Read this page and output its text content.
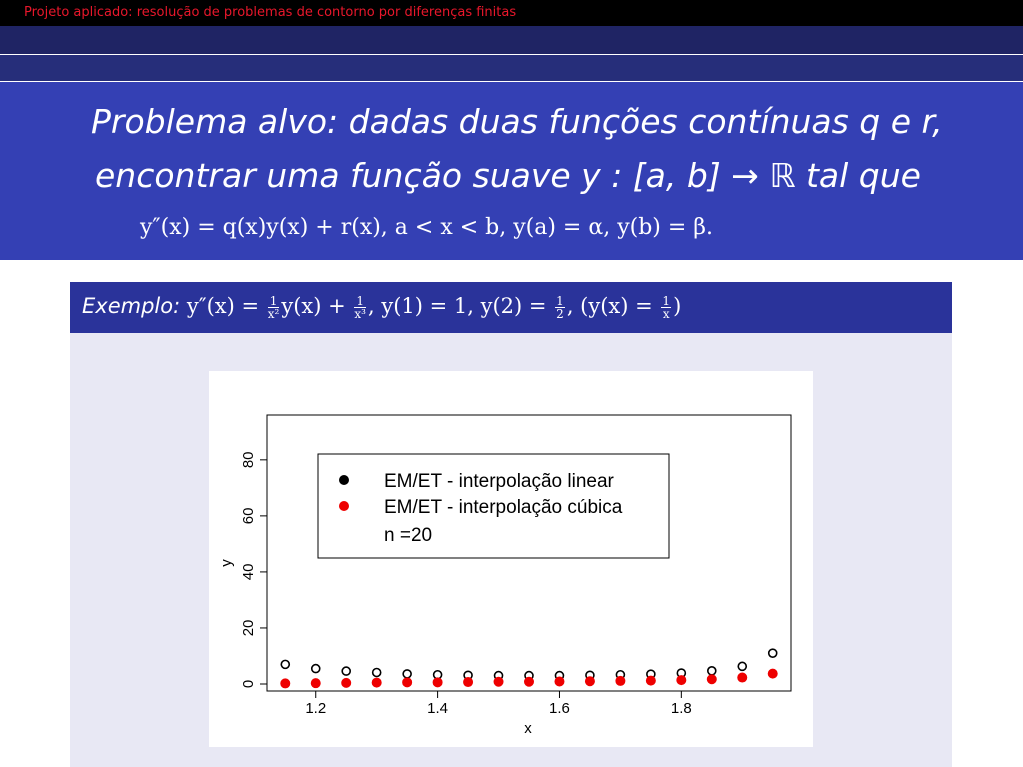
Projeto aplicado: resolução de problemas de contorno por diferenças finitas
Problema alvo: dadas duas funções contínuas q e r,
encontrar uma função suave y : [a, b] → ℝ tal que
y″(x) = q(x)y(x) + r(x), a < x < b, y(a) = α, y(b) = β.
Exemplo: $y''(x) = \frac{1}{\text{x²}} y(x) + \frac{1}{\text{x³}}$ , y(1) = 1, $y(2) = \frac{1}{2}$ , ($y(x) = \frac{1}{x}$ )
1.2	1.4	1.6	1.8
0
20
40
60
80
x
y
EM/ET - interpolação linear
EM/ET - interpolação cúbica
n =20
